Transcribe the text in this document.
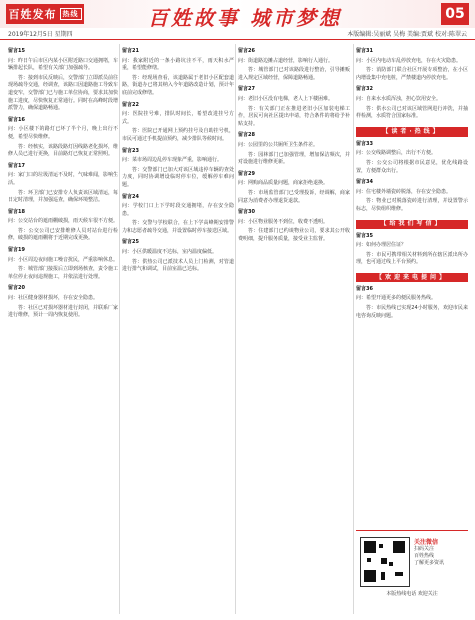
百姓发布 热线	百姓故事 城市梦想	05
2019年12月5日 星期四	本版编辑:吴丽斌 吴梅 美编:贾斌 校对:陈翠云

留言15

问：昨日午后市区内某小区附近路口交通拥堵，车辆排起长队，希望有关部门加强疏导。

答：接到市民反映后，交警部门立即派员前往现场疏导交通，经调查，该路口因道路施工导致车道变窄，交警部门已与施工单位协商，要求其加快施工进度，尽快恢复正常通行。同时在高峰时段增派警力，确保道路畅通。

留言16

问：小区楼下的路灯已坏了半个月，晚上出行不便，希望尽快维修。

答：经核实，该路段路灯因线路老化损坏，维修人员已进行更换，目前路灯已恢复正常照明。

留言17

问：家门口的垃圾清运不及时，气味难闻，影响生活。

答：环卫部门已安排专人负责该区域清运，每日定时清理，并加强巡查，确保环境整洁。

留言18

问：公交站台的遮雨棚破损，雨天候车很不方便。

答：公交公司已安排维修人员对站台进行检修，破损的遮雨棚将于近期完成更换。

留言19

问：小区周边夜间施工噪音扰民，严重影响休息。

答：城管部门接报后立即到场核查，责令施工单位停止夜间违规施工，并依法进行处理。

留言20

问：社区健身器材损坏，存在安全隐患。

答：社区已对损坏器材进行封闭，并联系厂家进行维修，预计一周内恢复使用。

留言21

问：我家附近的一条小路坑洼不平，雨天积水严重，希望能修缮。

答：经现场查看，该道路属于老旧小区配套道路，街道办已将其纳入今年道路改造计划，预计年底前完成修缮。

留言22

问：医院挂号难，排队时间长，希望改进挂号方式。

答：医院已开通网上预约挂号及自助挂号机，市民可通过手机提前预约，减少排队等候时间。

留言23

问：菜市场周边乱停车现象严重，影响通行。

答：交警部门已加大对该区域违停车辆的查处力度，同时协调增设临时停车位，缓解停车难问题。

留言24

问：学校门口上下学时段交通拥堵，存在安全隐患。

答：交警与学校联合，在上下学高峰期安排警力和志愿者疏导交通，并设置临时停车接送区域。

留言25

问：小区供暖温度不达标，室内温度偏低。

答：供热公司已派技术人员上门检测，对管道进行排气和调试，目前室温已达标。

留言26

问：街道路边摊占道经营，影响行人通行。

答：城管部门已对该路段进行整治，引导摊贩进入规定区域经营，保障道路畅通。

留言27

问：老旧小区没有电梯，老人上下楼困难。

答：有关部门正在推进老旧小区加装电梯工作，居民可向社区提出申请，符合条件的将给予补贴支持。

留言28

问：公园里的公共厕所卫生条件差。

答：园林部门已加强管理，增加保洁频次，并对设施进行维修更新。

留言29

问：网购商品质量问题，商家拒绝退换。

答：市场监管部门已受理投诉，经调解，商家同意为消费者办理退货退款。

留言30

问：小区物业服务不到位，收费不透明。

答：住建部门已约谈物业公司，要求其公开收费明细，提升服务质量，接受业主监督。

留言31

问：小区内电动车乱停放充电，存在火灾隐患。

答：消防部门联合社区开展专项整治，在小区内增设集中充电桩，严禁楼道内停放充电。

留言32

问：自来水水质浑浊，担心饮用安全。

答：供水公司已对该区域管网进行冲洗，并抽样检测，水质符合国家标准。

【读者·热线】

留言33

问：公交线路调整后，出行不方便。

答：公交公司将根据市民意见，优化线路设置，方便群众出行。

留言34

问：住宅楼外墙瓷砖脱落，存在安全隐患。

答：物业已对脱落瓷砖进行清理，并设置警示标志，尽快组织维修。

【给我们写信】

留言35

问：如何办理居住证？

答：市民可携带相关材料到所在辖区派出所办理，也可通过线上平台预约。

【欢迎来电提问】

留言36

问：希望开通更多的便民服务热线。

答：市民热线已实现24小时服务，欢迎市民来电咨询反映问题。

关注微信
扫码关注
百姓热线
了解更多资讯
本版热线电话 欢迎关注
